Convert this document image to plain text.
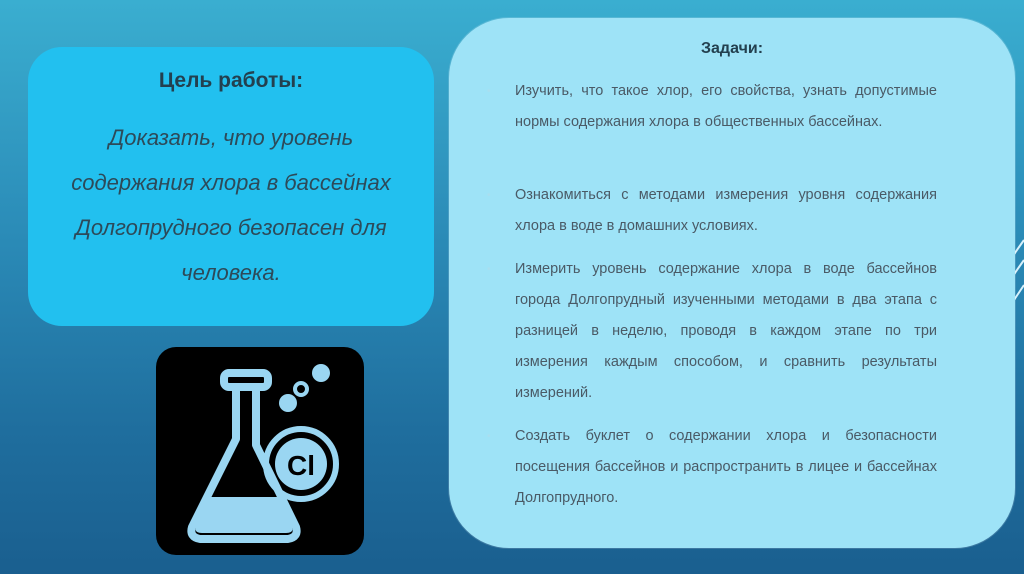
Цель работы:
Доказать, что уровень содержания хлора в бассейнах Долгопрудного безопасен для человека.
Cl
Задачи:
• Изучить, что такое хлор, его свойства, узнать допустимые нормы содержания хлора в общественных бассейнах.
• Ознакомиться с методами измерения уровня содержания хлора в воде в домашних условиях.
• Измерить уровень содержание хлора в воде бассейнов города Долгопрудный изученными методами в два этапа с разницей в неделю, проводя в каждом этапе по три измерения каждым способом, и сравнить результаты измерений.
• Создать буклет о содержании хлора и безопасности посещения бассейнов и распространить в лицее и бассейнах Долгопрудного.
